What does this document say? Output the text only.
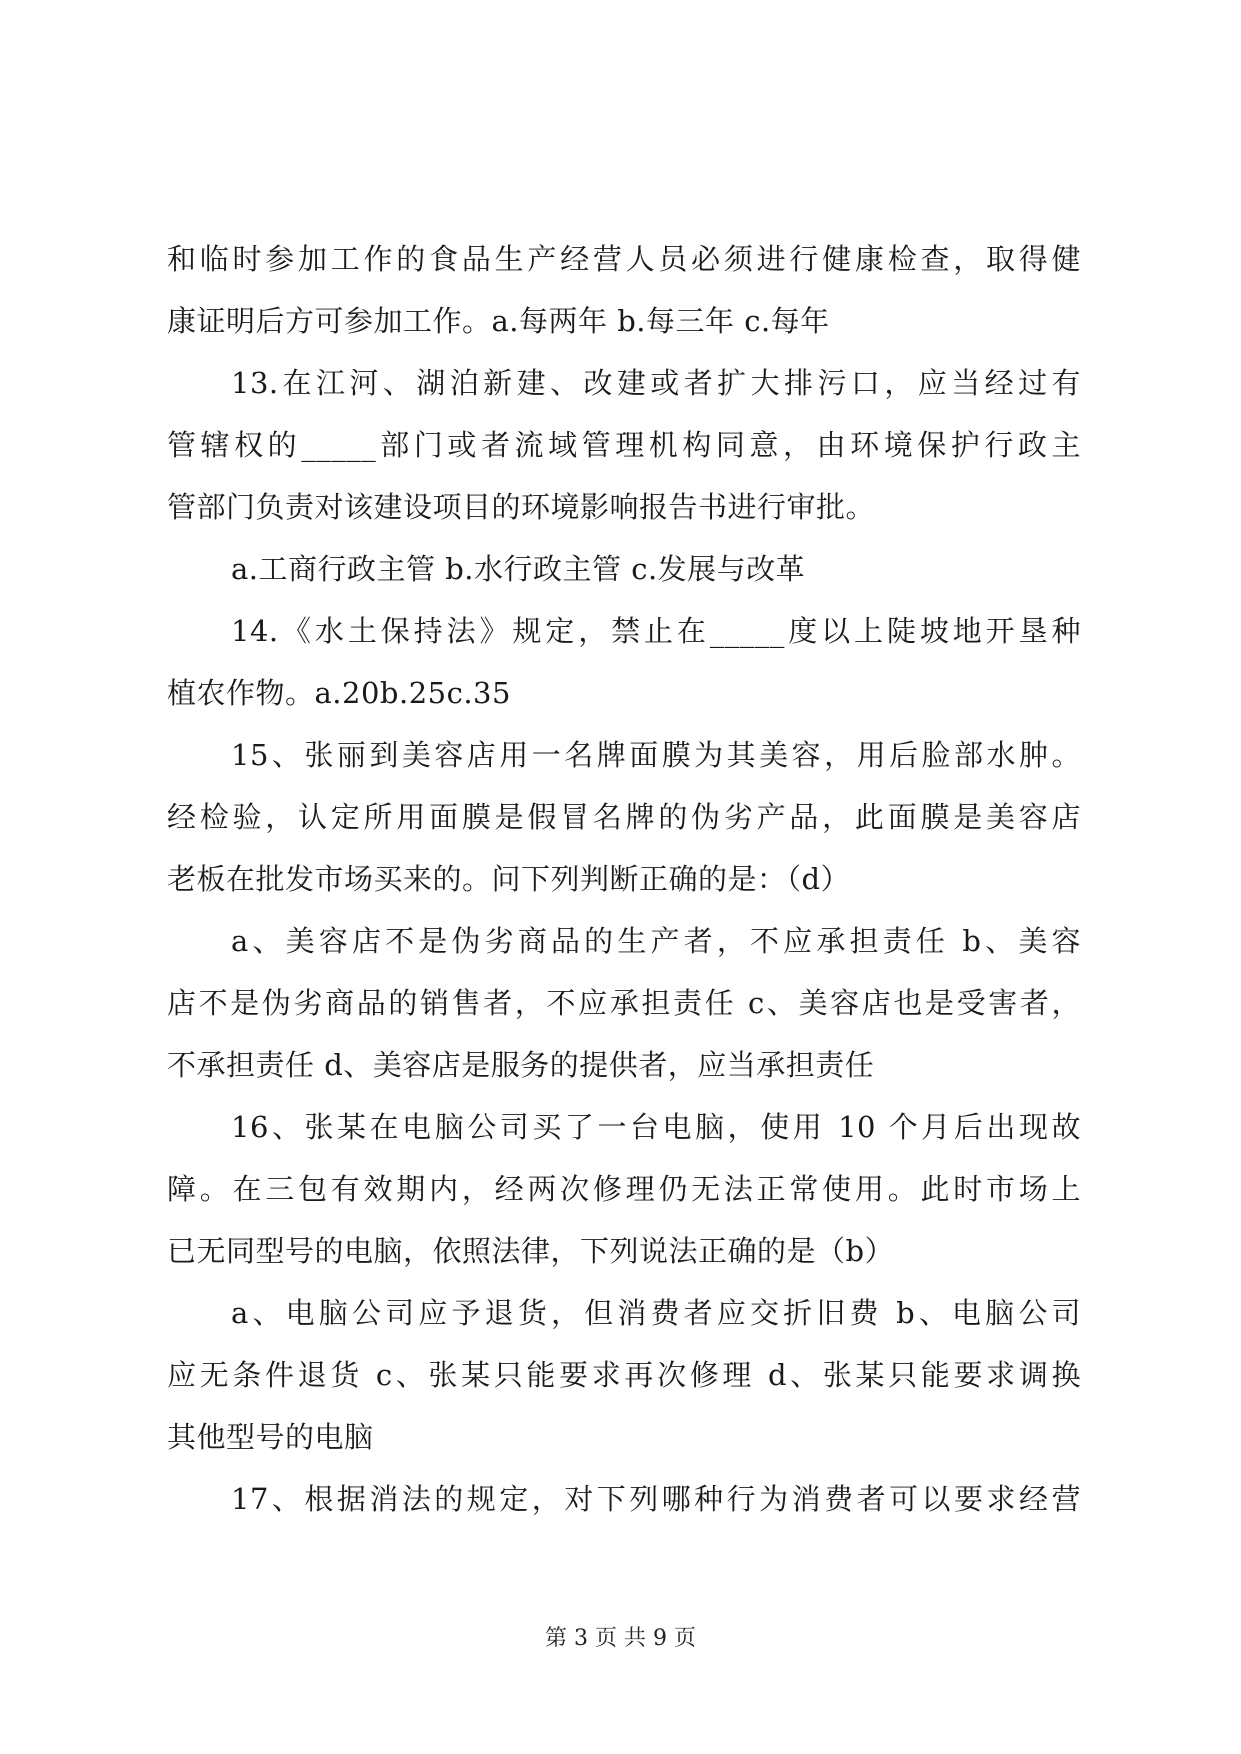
和临时参加工作的食品生产经营人员必须进行健康检查，取得健
康证明后方可参加工作。a.每两年 b.每三年 c.每年
13.在江河、湖泊新建、改建或者扩大排污口，应当经过有
管辖权的_____部门或者流域管理机构同意，由环境保护行政主
管部门负责对该建设项目的环境影响报告书进行审批。
a.工商行政主管 b.水行政主管 c.发展与改革
14.《水土保持法》规定，禁止在_____度以上陡坡地开垦种
植农作物。a.20b.25c.35
15、张丽到美容店用一名牌面膜为其美容，用后脸部水肿。
经检验，认定所用面膜是假冒名牌的伪劣产品，此面膜是美容店
老板在批发市场买来的。问下列判断正确的是：（d）
a、美容店不是伪劣商品的生产者，不应承担责任 b、美容
店不是伪劣商品的销售者，不应承担责任 c、美容店也是受害者，
不承担责任 d、美容店是服务的提供者，应当承担责任
16、张某在电脑公司买了一台电脑，使用 10 个月后出现故
障。在三包有效期内，经两次修理仍无法正常使用。此时市场上
已无同型号的电脑，依照法律，下列说法正确的是（b）
a、电脑公司应予退货，但消费者应交折旧费 b、电脑公司
应无条件退货 c、张某只能要求再次修理 d、张某只能要求调换
其他型号的电脑
17、根据消法的规定，对下列哪种行为消费者可以要求经营
第 3 页 共 9 页
